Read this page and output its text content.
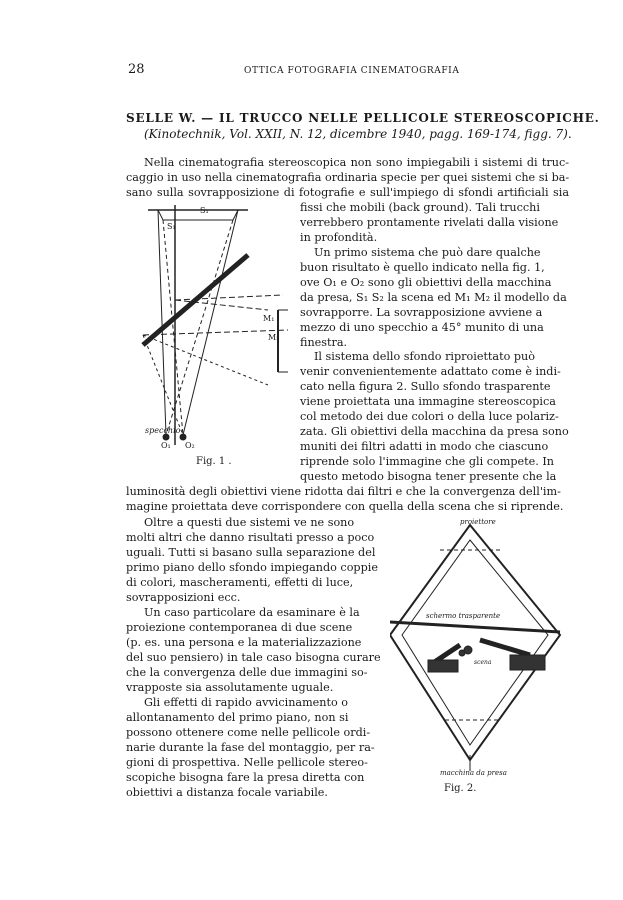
28	OTTICA FOTOGRAFIA CINEMATOGRAFIA
SELLE W. — IL TRUCCO NELLE PELLICOLE STEREOSCOPICHE.
(Kinotechnik, Vol. XXII, N. 12, dicembre 1940, pagg. 169-174, figg. 7).
Nella cinematografia stereoscopica non sono impiegabili i sistemi di truc-
caggio in uso nella cinematografia ordinaria specie per quei sistemi che si ba-
sano sulla sovrapposizione di fotografie e sull'impiego di sfondi artificiali sia
fissi che mobili (back ground). Tali trucchi
verrebbero prontamente rivelati dalla visione
in profondità.
Un primo sistema che può dare qualche
buon risultato è quello indicato nella fig. 1,
ove O₁ e O₂ sono gli obiettivi della macchina
da presa, S₁ S₂ la scena ed M₁ M₂ il modello da
sovrapporre. La sovrapposizione avviene a
mezzo di uno specchio a 45° munito di una
finestra.
Il sistema dello sfondo riproiettato può
venir convenientemente adattato come è indi-
cato nella figura 2. Sullo sfondo trasparente
viene proiettata una immagine stereoscopica
col metodo dei due colori o della luce polariz-
zata. Gli obiettivi della macchina da presa sono
muniti dei filtri adatti in modo che ciascuno
riprende solo l'immagine che gli compete. In
questo metodo bisogna tener presente che la
luminosità degli obiettivi viene ridotta dai filtri e che la convergenza dell'im-
magine proiettata deve corrispondere con quella della scena che si riprende.
Oltre a questi due sistemi ve ne sono
molti altri che danno risultati presso a poco
uguali. Tutti si basano sulla separazione del
primo piano dello sfondo impiegando coppie
di colori, mascheramenti, effetti di luce,
sovrapposizioni ecc.
Un caso particolare da esaminare è la
proiezione contemporanea di due scene
(p. es. una persona e la materializzazione
del suo pensiero) in tale caso bisogna curare
che la convergenza delle due immagini so-
vrapposte sia assolutamente uguale.
Gli effetti di rapido avvicinamento o
allontanamento del primo piano, non si
possono ottenere come nelle pellicole ordi-
narie durante la fase del montaggio, per ra-
gioni di prospettiva. Nelle pellicole stereo-
scopiche bisogna fare la presa diretta con
obiettivi a distanza focale variabile.
specchio
S₁
S₁
M₁
M₂
O₁ O₂
Fig. 1 .
proiettore
schermo trasparente
scena
macchina da presa
Fig. 2.
